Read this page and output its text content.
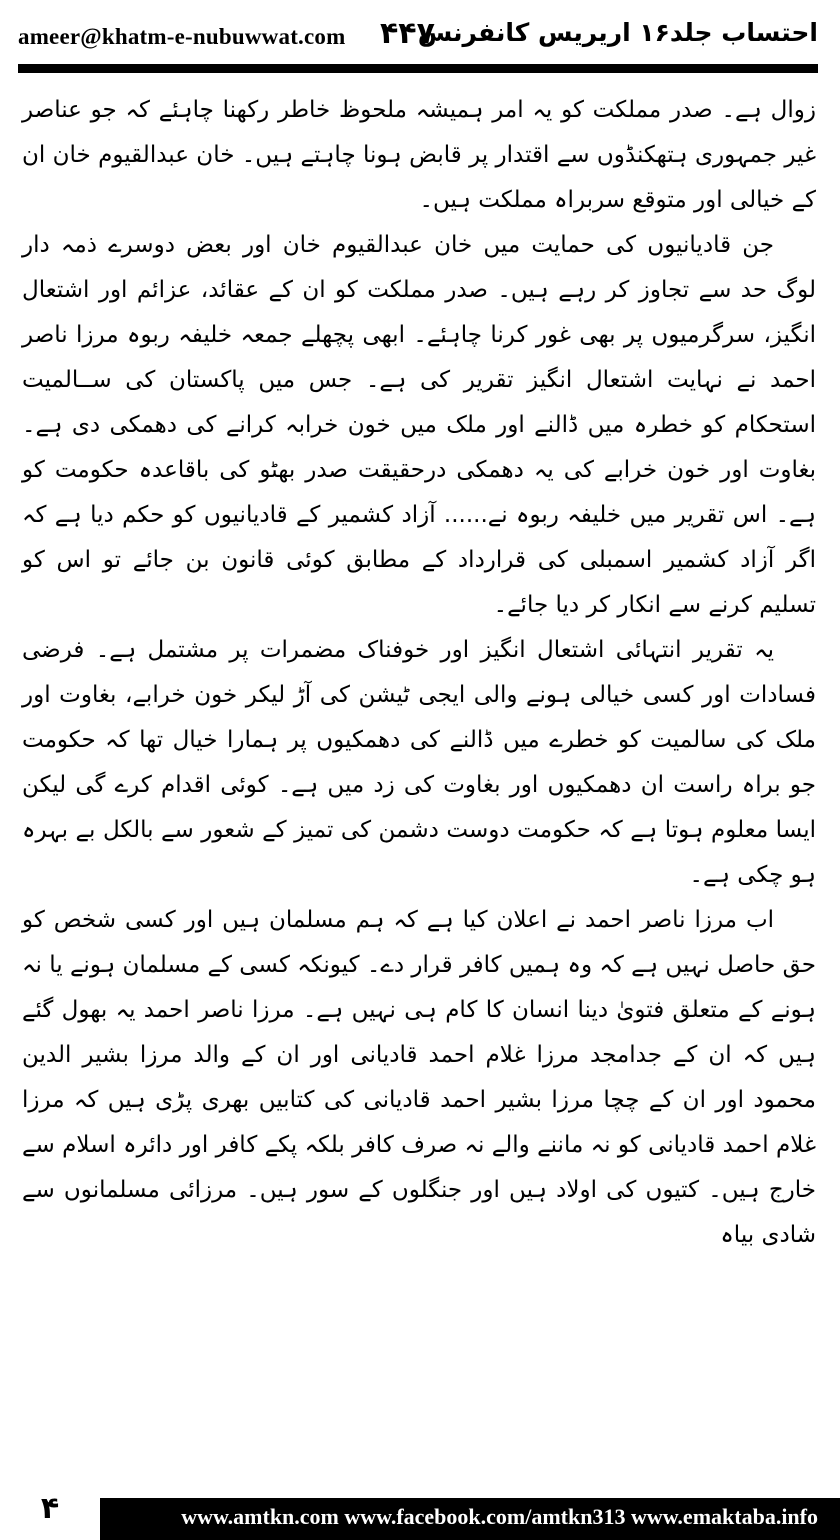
ameer@khatm-e-nubuwwat.com ۴۴۷
احتساب جلد۱۶ اریریس کانفرنس

زوال ہے۔ صدر مملکت کو یہ امر ہمیشہ ملحوظ خاطر رکھنا چاہئے کہ جو عناصر غیر جمہوری ہتھکنڈوں سے اقتدار پر قابض ہونا چاہتے ہیں۔ خان عبدالقیوم خان ان کے خیالی اور متوقع سربراہ مملکت ہیں۔

جن قادیانیوں کی حمایت میں خان عبدالقیوم خان اور بعض دوسرے ذمہ دار لوگ حد سے تجاوز کر رہے ہیں۔ صدر مملکت کو ان کے عقائد، عزائم اور اشتعال انگیز، سرگرمیوں پر بھی غور کرنا چاہئے۔ ابھی پچھلے جمعہ خلیفہ ربوہ مرزا ناصر احمد نے نہایت اشتعال انگیز تقریر کی ہے۔ جس میں پاکستان کی ســالمیت استحکام کو خطرہ میں ڈالنے اور ملک میں خون خرابہ کرانے کی دھمکی دی ہے۔ بغاوت اور خون خرابے کی یہ دھمکی درحقیقت صدر بھٹو کی باقاعدہ حکومت کو ہے۔ اس تقریر میں خلیفہ ربوہ نے...... آزاد کشمیر کے قادیانیوں کو حکم دیا ہے کہ اگر آزاد کشمیر اسمبلی کی قرارداد کے مطابق کوئی قانون بن جائے تو اس کو تسلیم کرنے سے انکار کر دیا جائے۔

یہ تقریر انتہائی اشتعال انگیز اور خوفناک مضمرات پر مشتمل ہے۔ فرضی فسادات اور کسی خیالی ہونے والی ایجی ٹیشن کی آڑ لیکر خون خرابے، بغاوت اور ملک کی سالمیت کو خطرے میں ڈالنے کی دھمکیوں پر ہمارا خیال تھا کہ حکومت جو براہ راست ان دھمکیوں اور بغاوت کی زد میں ہے۔ کوئی اقدام کرے گی لیکن ایسا معلوم ہوتا ہے کہ حکومت دوست دشمن کی تمیز کے شعور سے بالکل بے بہرہ ہو چکی ہے۔

اب مرزا ناصر احمد نے اعلان کیا ہے کہ ہم مسلمان ہیں اور کسی شخص کو حق حاصل نہیں ہے کہ وہ ہمیں کافر قرار دے۔ کیونکہ کسی کے مسلمان ہونے یا نہ ہونے کے متعلق فتویٰ دینا انسان کا کام ہی نہیں ہے۔ مرزا ناصر احمد یہ بھول گئے ہیں کہ ان کے جدامجد مرزا غلام احمد قادیانی اور ان کے والد مرزا بشیر الدین محمود اور ان کے چچا مرزا بشیر احمد قادیانی کی کتابیں بھری پڑی ہیں کہ مرزا غلام احمد قادیانی کو نہ ماننے والے نہ صرف کافر بلکہ پکے کافر اور دائرہ اسلام سے خارج ہیں۔ کتیوں کی اولاد ہیں اور جنگلوں کے سور ہیں۔ مرزائی مسلمانوں سے شادی بیاہ

۴	www.amtkn.com www.facebook.com/amtkn313 www.emaktaba.info
